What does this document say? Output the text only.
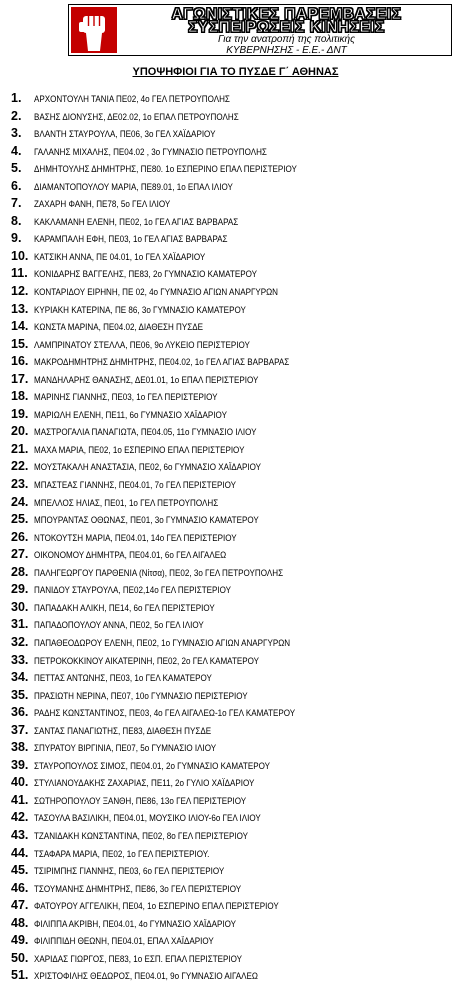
ΑΓΩΝΙΣΤΙΚΕΣ ΠΑΡΕΜΒΑΣΕΙΣ
ΣΥΣΠΕΙΡΩΣΕΙΣ ΚΙΝΗΣΕΙΣ
Για την ανατροπή της πολιτικής
ΚΥΒΕΡΝΗΣΗΣ - Ε.Ε.- ΔΝΤ
ΥΠΟΨΗΦΙΟΙ ΓΙΑ ΤΟ ΠΥΣΔΕ Γ΄ ΑΘΗΝΑΣ
1. ΑΡΧΟΝΤΟΥΛΗ ΤΑΝΙΑ ΠΕ02, 4ο ΓΕΛ ΠΕΤΡΟΥΠΟΛΗΣ
2. ΒΑΣΗΣ ΔΙΟΝΥΣΗΣ, ΔΕ02.02, 1ο ΕΠΑΛ ΠΕΤΡΟΥΠΟΛΗΣ
3. ΒΛΑΝΤΗ ΣΤΑΥΡΟΥΛΑ, ΠΕ06, 3ο ΓΕΛ ΧΑΪΔΑΡΙΟΥ
4. ΓΑΛΑΝΗΣ ΜΙΧΑΛΗΣ, ΠΕ04.02 , 3ο ΓΥΜΝΑΣΙΟ ΠΕΤΡΟΥΠΟΛΗΣ
5. ΔΗΜΗΤΟΥΛΗΣ ΔΗΜΗΤΡΗΣ, ΠΕ80. 1ο ΕΣΠΕΡΙΝΟ ΕΠΑΛ ΠΕΡΙΣΤΕΡΙΟΥ
6. ΔΙΑΜΑΝΤΟΠΟΥΛΟΥ ΜΑΡΙΑ, ΠΕ89.01, 1ο ΕΠΑΛ ΙΛΙΟΥ
7. ΖΑΧΑΡΗ ΦΑΝΗ, ΠΕ78, 5ο ΓΕΛ ΙΛΙΟΥ
8. ΚΑΚΛΑΜΑΝΗ ΕΛΕΝΗ, ΠΕ02, 1ο ΓΕΛ ΑΓΙΑΣ ΒΑΡΒΑΡΑΣ
9. ΚΑΡΑΜΠΑΛΗ ΕΦΗ, ΠΕ03, 1ο ΓΕΛ ΑΓΙΑΣ ΒΑΡΒΑΡΑΣ
10. ΚΑΤΣΙΚΗ ΑΝΝΑ, ΠΕ 04.01, 1ο ΓΕΛ ΧΑΪΔΑΡΙΟΥ
11. ΚΟΝΙΔΑΡΗΣ ΒΑΓΓΕΛΗΣ, ΠΕ83, 2ο ΓΥΜΝΑΣΙΟ ΚΑΜΑΤΕΡΟΥ
12. ΚΟΝΤΑΡΙΔΟΥ ΕΙΡΗΝΗ, ΠΕ 02, 4ο ΓΥΜΝΑΣΙΟ ΑΓΙΩΝ ΑΝΑΡΓΥΡΩΝ
13. ΚΥΡΙΑΚΗ ΚΑΤΕΡΙΝΑ, ΠΕ 86, 3ο ΓΥΜΝΑΣΙΟ ΚΑΜΑΤΕΡΟΥ
14. ΚΩΝΣΤΑ ΜΑΡΙΝΑ, ΠΕ04.02, ΔΙΑΘΕΣΗ ΠΥΣΔΕ
15. ΛΑΜΠΡΙΝΑΤΟΥ ΣΤΕΛΛΑ, ΠΕ06, 9ο ΛΥΚΕΙΟ ΠΕΡΙΣΤΕΡΙΟΥ
16. ΜΑΚΡΟΔΗΜΗΤΡΗΣ ΔΗΜΗΤΡΗΣ, ΠΕ04.02, 1ο ΓΕΛ ΑΓΙΑΣ ΒΑΡΒΑΡΑΣ
17. ΜΑΝΔΗΛΑΡΗΣ ΘΑΝΑΣΗΣ, ΔΕ01.01, 1ο ΕΠΑΛ ΠΕΡΙΣΤΕΡΙΟΥ
18. ΜΑΡΙΝΗΣ ΓΙΑΝΝΗΣ, ΠΕ03, 1ο ΓΕΛ ΠΕΡΙΣΤΕΡΙΟΥ
19. ΜΑΡΙΩΛΗ ΕΛΕΝΗ, ΠΕ11, 6ο ΓΥΜΝΑΣΙΟ ΧΑΪΔΑΡΙΟΥ
20. ΜΑΣΤΡΟΓΑΛΙΑ ΠΑΝΑΓΙΩΤΑ, ΠΕ04.05, 11ο ΓΥΜΝΑΣΙΟ ΙΛΙΟΥ
21. ΜΑΧΑ ΜΑΡΙΑ, ΠΕ02, 1ο ΕΣΠΕΡΙΝΟ ΕΠΑΛ ΠΕΡΙΣΤΕΡΙΟΥ
22. ΜΟΥΣΤΑΚΑΛΗ ΑΝΑΣΤΑΣΙΑ, ΠΕ02, 6ο ΓΥΜΝΑΣΙΟ ΧΑΪΔΑΡΙΟΥ
23. ΜΠΑΣΤΕΑΣ ΓΙΑΝΝΗΣ, ΠΕ04.01, 7ο ΓΕΛ ΠΕΡΙΣΤΕΡΙΟΥ
24. ΜΠΕΛΛΟΣ ΗΛΙΑΣ, ΠΕ01, 1ο ΓΕΛ ΠΕΤΡΟΥΠΟΛΗΣ
25. ΜΠΟΥΡΑΝΤΑΣ ΟΘΩΝΑΣ, ΠΕ01, 3ο ΓΥΜΝΑΣΙΟ ΚΑΜΑΤΕΡΟΥ
26. ΝΤΟΚΟΥΤΣΗ ΜΑΡΙΑ, ΠΕ04.01, 14ο ΓΕΛ ΠΕΡΙΣΤΕΡΙΟΥ
27. ΟΙΚΟΝΟΜΟΥ ΔΗΜΗΤΡΑ, ΠΕ04.01, 6ο ΓΕΛ ΑΙΓΑΛΕΩ
28. ΠΑΛΗΓΕΩΡΓΟΥ ΠΑΡΘΕΝΙΑ (Νίτσα), ΠΕ02, 3ο ΓΕΛ ΠΕΤΡΟΥΠΟΛΗΣ
29. ΠΑΝΙΔΟΥ ΣΤΑΥΡΟΥΛΑ, ΠΕ02,14ο ΓΕΛ ΠΕΡΙΣΤΕΡΙΟΥ
30. ΠΑΠΑΔΑΚΗ ΑΛΙΚΗ, ΠΕ14, 6ο ΓΕΛ ΠΕΡΙΣΤΕΡΙΟΥ
31. ΠΑΠΑΔΟΠΟΥΛΟΥ ΑΝΝΑ, ΠΕ02, 5ο ΓΕΛ ΙΛΙΟΥ
32. ΠΑΠΑΘΕΟΔΩΡΟΥ ΕΛΕΝΗ, ΠΕ02, 1ο ΓΥΜΝΑΣΙΟ ΑΓΙΩΝ ΑΝΑΡΓΥΡΩΝ
33. ΠΕΤΡΟΚΟΚΚΙΝΟΥ ΑΙΚΑΤΕΡΙΝΗ, ΠΕ02, 2ο ΓΕΛ ΚΑΜΑΤΕΡΟΥ
34. ΠΕΤΤΑΣ ΑΝΤΩΝΗΣ, ΠΕ03, 1ο ΓΕΛ ΚΑΜΑΤΕΡΟΥ
35. ΠΡΑΣΙΩΤΗ ΝΕΡΙΝΑ, ΠΕ07, 10ο ΓΥΜΝΑΣΙΟ ΠΕΡΙΣΤΕΡΙΟΥ
36. ΡΑΔΗΣ ΚΩΝΣΤΑΝΤΙΝΟΣ, ΠΕ03, 4ο ΓΕΛ ΑΙΓΑΛΕΩ-1ο ΓΕΛ ΚΑΜΑΤΕΡΟΥ
37. ΣΑΝΤΑΣ ΠΑΝΑΓΙΩΤΗΣ, ΠΕ83, ΔΙΑΘΕΣΗ ΠΥΣΔΕ
38. ΣΠΥΡΑΤΟΥ ΒΙΡΓΙΝΙΑ, ΠΕ07, 5ο ΓΥΜΝΑΣΙΟ ΙΛΙΟΥ
39. ΣΤΑΥΡΟΠΟΥΛΟΣ ΣΙΜΟΣ, ΠΕ04.01, 2ο ΓΥΜΝΑΣΙΟ ΚΑΜΑΤΕΡΟΥ
40. ΣΤΥΛΙΑΝΟΥΔΑΚΗΣ ΖΑΧΑΡΙΑΣ, ΠΕ11, 2ο ΓΥΛΙΟ ΧΑΪΔΑΡΙΟΥ
41. ΣΩΤΗΡΟΠΟΥΛΟΥ ΞΑΝΘΗ, ΠΕ86, 13ο ΓΕΛ ΠΕΡΙΣΤΕΡΙΟΥ
42. ΤΑΣΟΥΛΑ ΒΑΣΙΛΙΚΗ, ΠΕ04.01, ΜΟΥΣΙΚΟ ΙΛΙΟΥ-6ο ΓΕΛ ΙΛΙΟΥ
43. ΤΖΑΝΙΔΑΚΗ ΚΩΝΣΤΑΝΤΙΝΑ, ΠΕ02, 8ο ΓΕΛ ΠΕΡΙΣΤΕΡΙΟΥ
44. ΤΣΑΦΑΡΑ ΜΑΡΙΑ, ΠΕ02, 1ο ΓΕΛ ΠΕΡΙΣΤΕΡΙΟΥ.
45. ΤΣΙΡΙΜΠΗΣ ΓΙΑΝΝΗΣ, ΠΕ03, 6ο ΓΕΛ ΠΕΡΙΣΤΕΡΙΟΥ
46. ΤΣΟΥΜΑΝΗΣ ΔΗΜΗΤΡΗΣ, ΠΕ86, 3ο ΓΕΛ ΠΕΡΙΣΤΕΡΙΟΥ
47. ΦΑΤΟΥΡΟΥ ΑΓΓΕΛΙΚΗ, ΠΕ04, 1ο ΕΣΠΕΡΙΝΟ ΕΠΑΛ ΠΕΡΙΣΤΕΡΙΟΥ
48. ΦΙΛΙΠΠΑ ΑΚΡΙΒΗ, ΠΕ04.01, 4ο ΓΥΜΝΑΣΙΟ ΧΑΪΔΑΡΙΟΥ
49. ΦΙΛΙΠΠΙΔΗ ΘΕΩΝΗ, ΠΕ04.01, ΕΠΑΛ ΧΑΪΔΑΡΙΟΥ
50. ΧΑΡΙΔΑΣ ΓΙΩΡΓΟΣ, ΠΕ83, 1ο ΕΣΠ. ΕΠΑΛ ΠΕΡΙΣΤΕΡΙΟΥ
51. ΧΡΙΣΤΟΦΙΛΗΣ ΘΕΔΩΡΟΣ, ΠΕ04.01, 9ο ΓΥΜΝΑΣΙΟ ΑΙΓΑΛΕΩ
